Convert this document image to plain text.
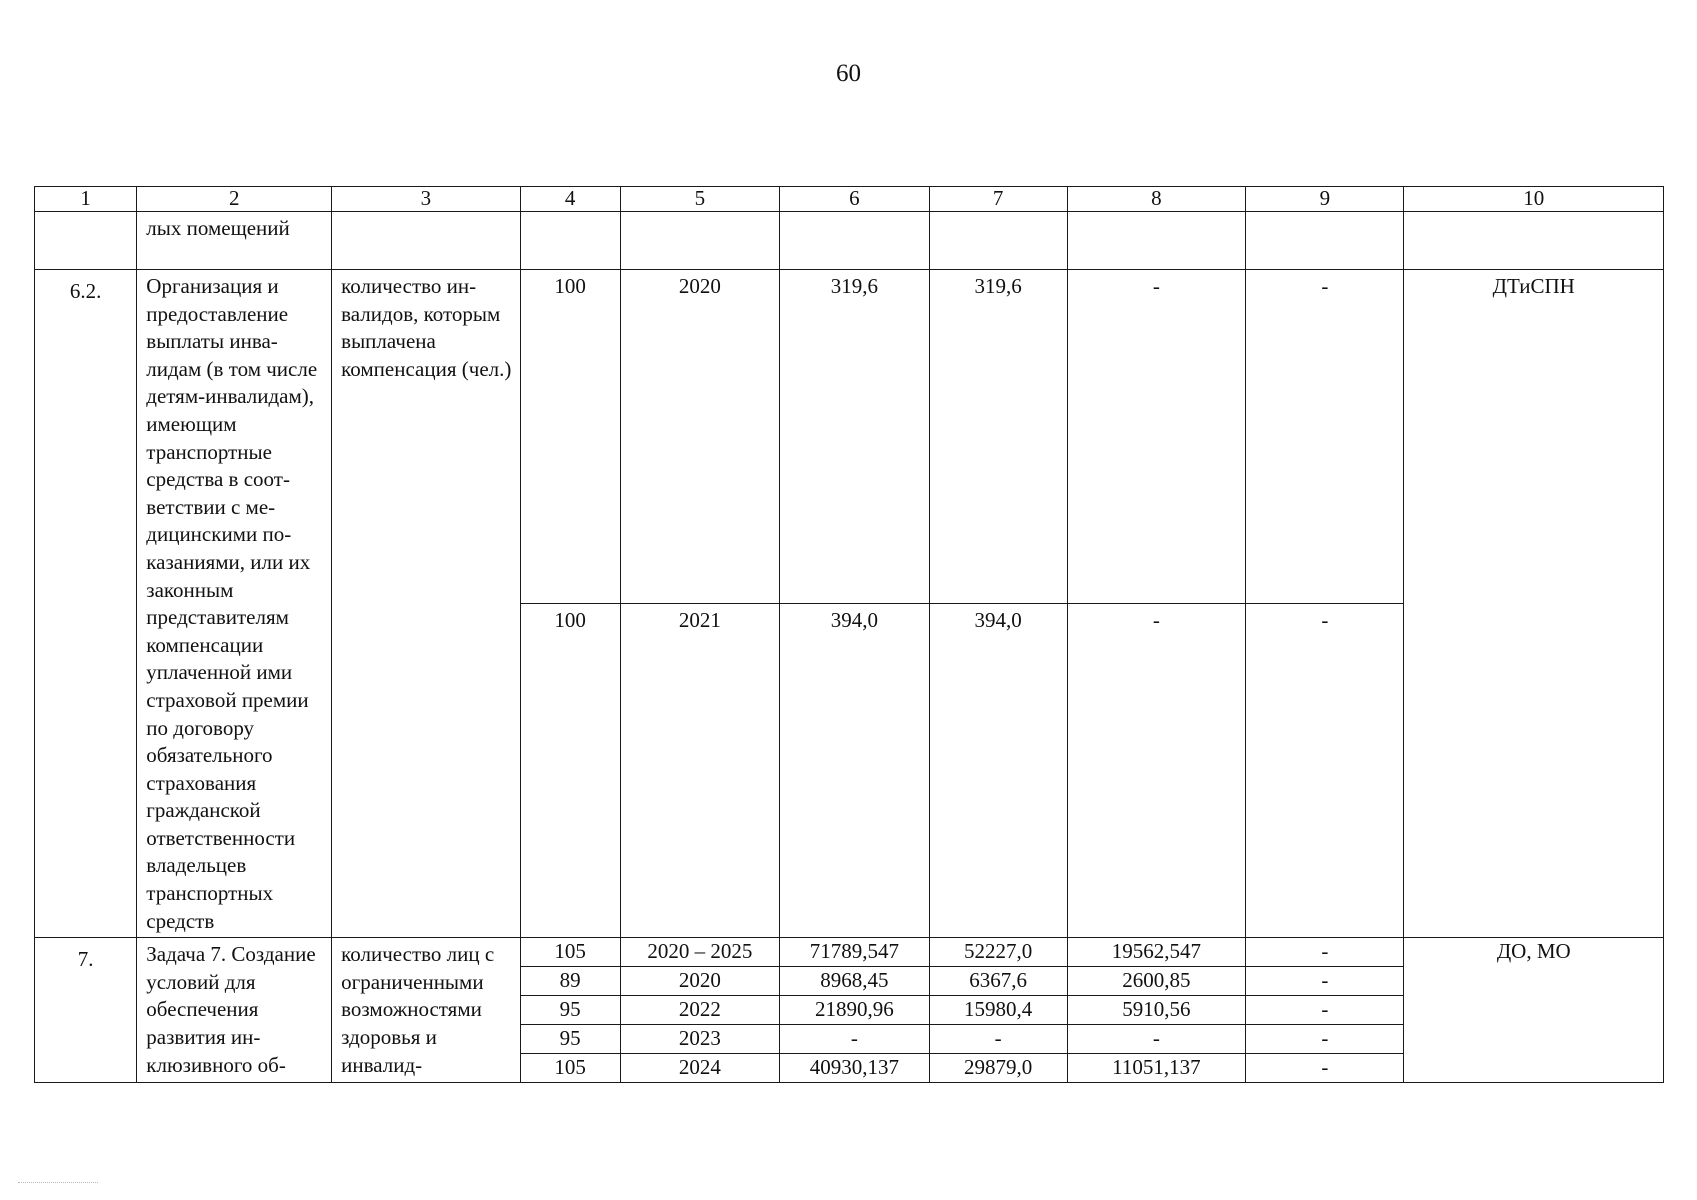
60
1	2	3	4	5	6	7	8	9	10
	лых помещений								
6.2.	Организация и предоставление выплаты инвалидам (в том числе детям-инвалидам), имеющим транспортные средства в соответствии с медицинскими показаниями, или их законным представителям компенсации уплаченной ими страховой премии по договору обязательного страхования гражданской ответственности владельцев транспортных средств	количество инвалидов, которым выплачена компенсация (чел.)	100	2020	319,6	319,6	-	-	ДТиСПН
			100	2021	394,0	394,0	-	-	
7.	Задача 7. Создание условий для обеспечения развития инклюзивного об-	количество лиц с ограниченными возможностями здоровья и инвалид-	105	2020 – 2025	71789,547	52227,0	19562,547	-	ДО, МО
			89	2020	8968,45	6367,6	2600,85	-	
			95	2022	21890,96	15980,4	5910,56	-	
			95	2023	-	-	-	-	
			105	2024	40930,137	29879,0	11051,137	-	
